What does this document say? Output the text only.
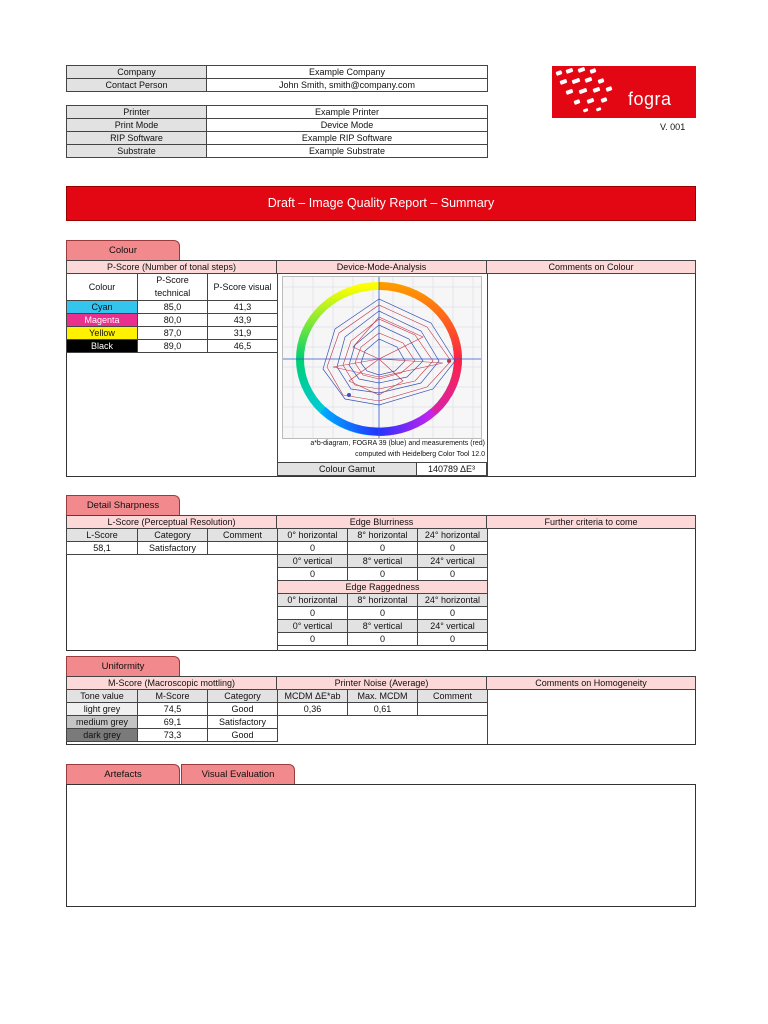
Company	Example Company
Contact Person	John Smith, smith@company.com
Printer	Example Printer
Print Mode	Device Mode
RIP Software	Example RIP Software
Substrate	Example Substrate
fogra
V. 001
Draft – Image Quality Report – Summary
Colour
P-Score (Number of tonal steps)	Device-Mode-Analysis	Comments on Colour
Colour	P-Score technical	P-Score visual
Cyan	85,0	41,3
Magenta	80,0	43,9
Yellow	87,0	31,9
Black	89,0	46,5
a*b-diagram, FOGRA 39 (blue) and measurements (red)
computed with Heidelberg Color Tool 12.0
Colour Gamut	140789 ΔE³
Detail Sharpness
L-Score (Perceptual Resolution)	Edge Blurriness	Further criteria to come
L-Score	Category	Comment
58,1	Satisfactory	
0° horizontal	8° horizontal	24° horizontal
0	0	0
0° vertical	8° vertical	24° vertical
0	0	0
Edge Raggedness		
0° horizontal	8° horizontal	24° horizontal
0	0	0
0° vertical	8° vertical	24° vertical
0	0	0
Uniformity
M-Score (Macroscopic mottling)	Printer Noise (Average)	Comments on Homogeneity
Tone value	M-Score	Category
light grey	74,5	Good
medium grey	69,1	Satisfactory
dark grey	73,3	Good
MCDM ΔE*ab	Max. MCDM	Comment
0,36	0,61	
Artefacts	Visual Evaluation
